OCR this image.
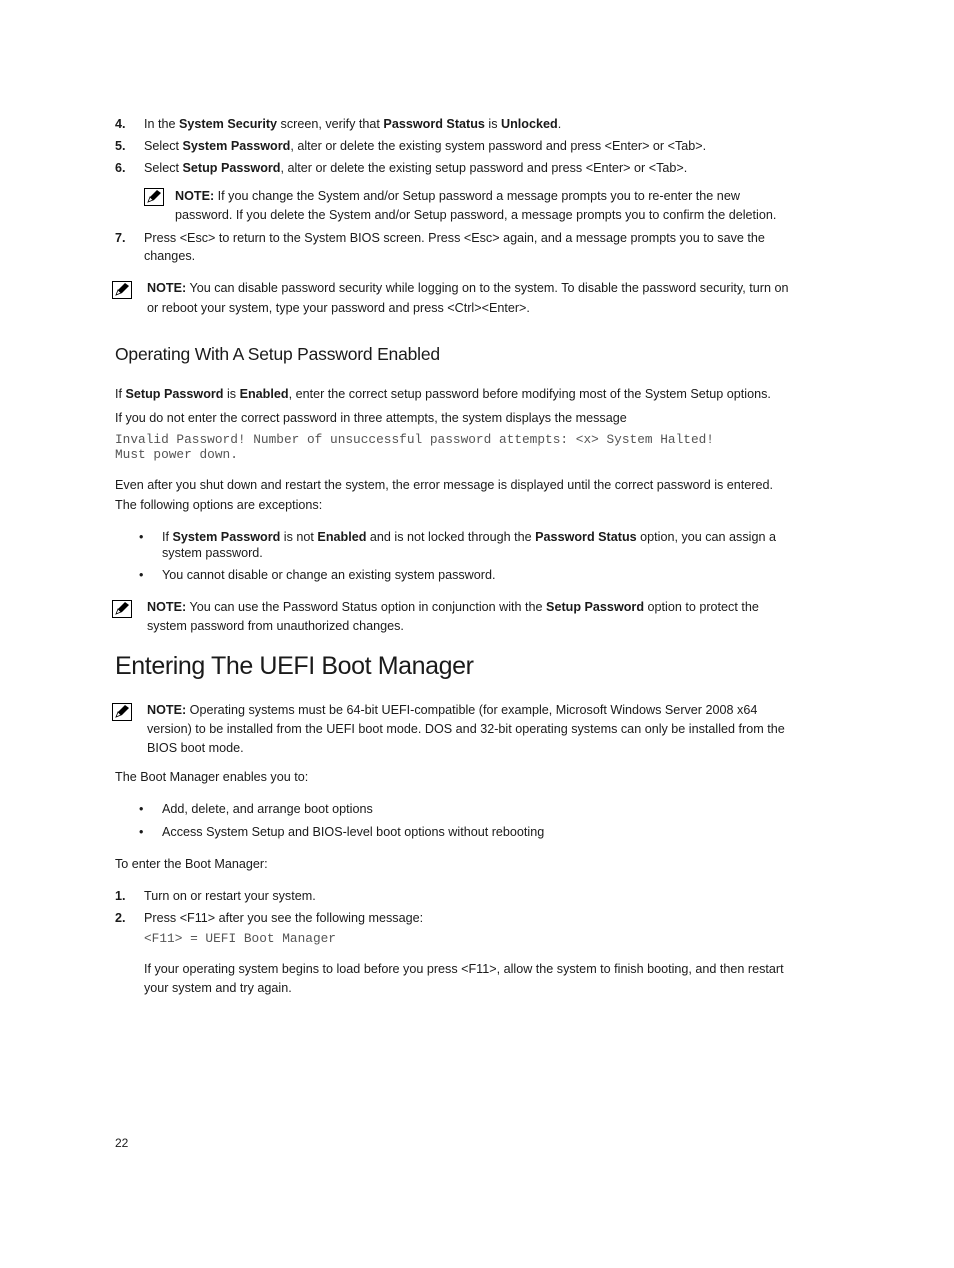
4.	In the System Security screen, verify that Password Status is Unlocked.
5.	Select System Password, alter or delete the existing system password and press <Enter> or <Tab>.
6.	Select Setup Password, alter or delete the existing setup password and press <Enter> or <Tab>.
NOTE: If you change the System and/or Setup password a message prompts you to re-enter the new
password. If you delete the System and/or Setup password, a message prompts you to confirm the deletion.
7.	Press <Esc> to return to the System BIOS screen. Press <Esc> again, and a message prompts you to save the
changes.
NOTE: You can disable password security while logging on to the system. To disable the password security, turn on
or reboot your system, type your password and press <Ctrl><Enter>.
Operating With A Setup Password Enabled
If Setup Password is Enabled, enter the correct setup password before modifying most of the System Setup options.
If you do not enter the correct password in three attempts, the system displays the message
Invalid Password! Number of unsuccessful password attempts: <x> System Halted!
Must power down.
Even after you shut down and restart the system, the error message is displayed until the correct password is entered.
The following options are exceptions:
• If System Password is not Enabled and is not locked through the Password Status option, you can assign a
system password.
• You cannot disable or change an existing system password.
NOTE: You can use the Password Status option in conjunction with the Setup Password option to protect the
system password from unauthorized changes.
Entering The UEFI Boot Manager
NOTE: Operating systems must be 64-bit UEFI-compatible (for example, Microsoft Windows Server 2008 x64
version) to be installed from the UEFI boot mode. DOS and 32-bit operating systems can only be installed from the
BIOS boot mode.
The Boot Manager enables you to:
• Add, delete, and arrange boot options
• Access System Setup and BIOS-level boot options without rebooting
To enter the Boot Manager:
1.	Turn on or restart your system.
2.	Press <F11> after you see the following message:
<F11> = UEFI Boot Manager
If your operating system begins to load before you press <F11>, allow the system to finish booting, and then restart
your system and try again.
22
